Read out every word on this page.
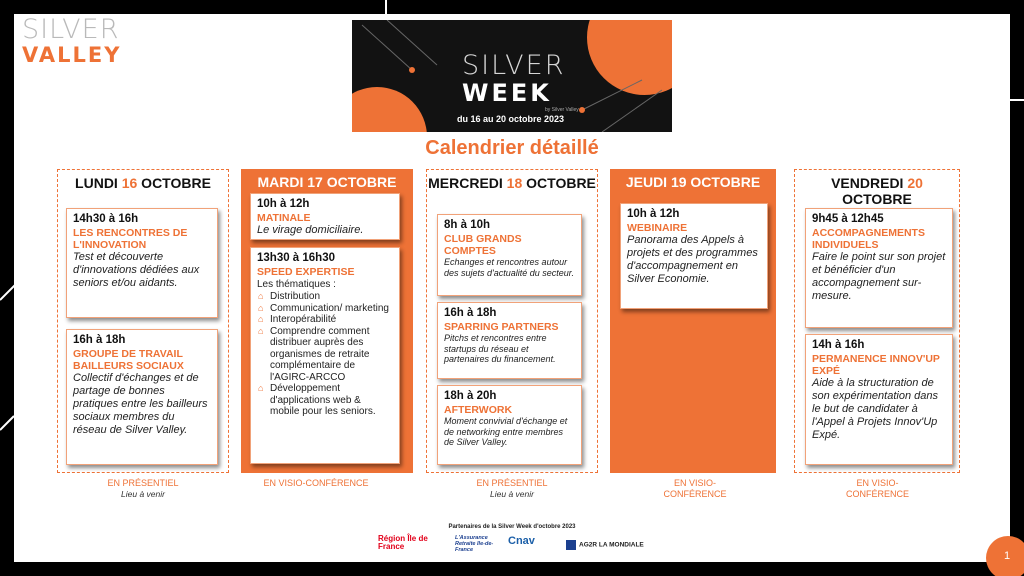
SILVER
VALLEY	SILVER
WEEK
by Silver Valley
du 16 au 20 octobre 2023
Calendrier détaillé
LUNDI 16 OCTOBRE
14h30 à 16h
LES RENCONTRES DE L'INNOVATION
Test et découverte d'innovations dédiées aux seniors et/ou aidants.
16h à 18h
GROUPE DE TRAVAIL BAILLEURS SOCIAUX
Collectif d'échanges et de partage de bonnes pratiques entre les bailleurs sociaux membres du réseau de Silver Valley.
EN PRÉSENTIEL
Lieu à venir
MARDI 17 OCTOBRE
10h à 12h
MATINALE
Le virage domiciliaire.
13h30 à 16h30
SPEED EXPERTISE
Les thématiques :
⌂ Distribution
⌂ Communication/ marketing
⌂ Interopérabilité
⌂ Comprendre comment distribuer auprès des organismes de retraite complémentaire de l'AGIRC-ARCCO
⌂ Développement d'applications web & mobile pour les seniors.
EN VISIO-CONFÉRENCE
MERCREDI 18 OCTOBRE
8h à 10h
CLUB GRANDS COMPTES
Echanges et rencontres autour des sujets d'actualité du secteur.
16h à 18h
SPARRING PARTNERS
Pitchs et rencontres entre startups du réseau et partenaires du financement.
18h à 20h
AFTERWORK
Moment convivial d'échange et de networking entre membres de Silver Valley.
EN PRÉSENTIEL
Lieu à venir
JEUDI 19 OCTOBRE
10h à 12h
WEBINAIRE
Panorama des Appels à projets et des programmes d'accompagnement en Silver Economie.
EN VISIO-CONFÉRENCE
VENDREDI 20 OCTOBRE
9h45 à 12h45
ACCOMPAGNEMENTS INDIVIDUELS
Faire le point sur son projet et bénéficier d'un accompagnement sur-mesure.
14h à 16h
PERMANENCE INNOV'UP EXPÉ
Aide à la structuration de son expérimentation dans le but de candidater à l'Appel à Projets Innov'Up Expé.
EN VISIO-CONFÉRENCE
Partenaires de la Silver Week d'octobre 2023
Région Île de France
L'Assurance Retraite Ile-de-France
Cnav	AG2R LA MONDIALE
1
